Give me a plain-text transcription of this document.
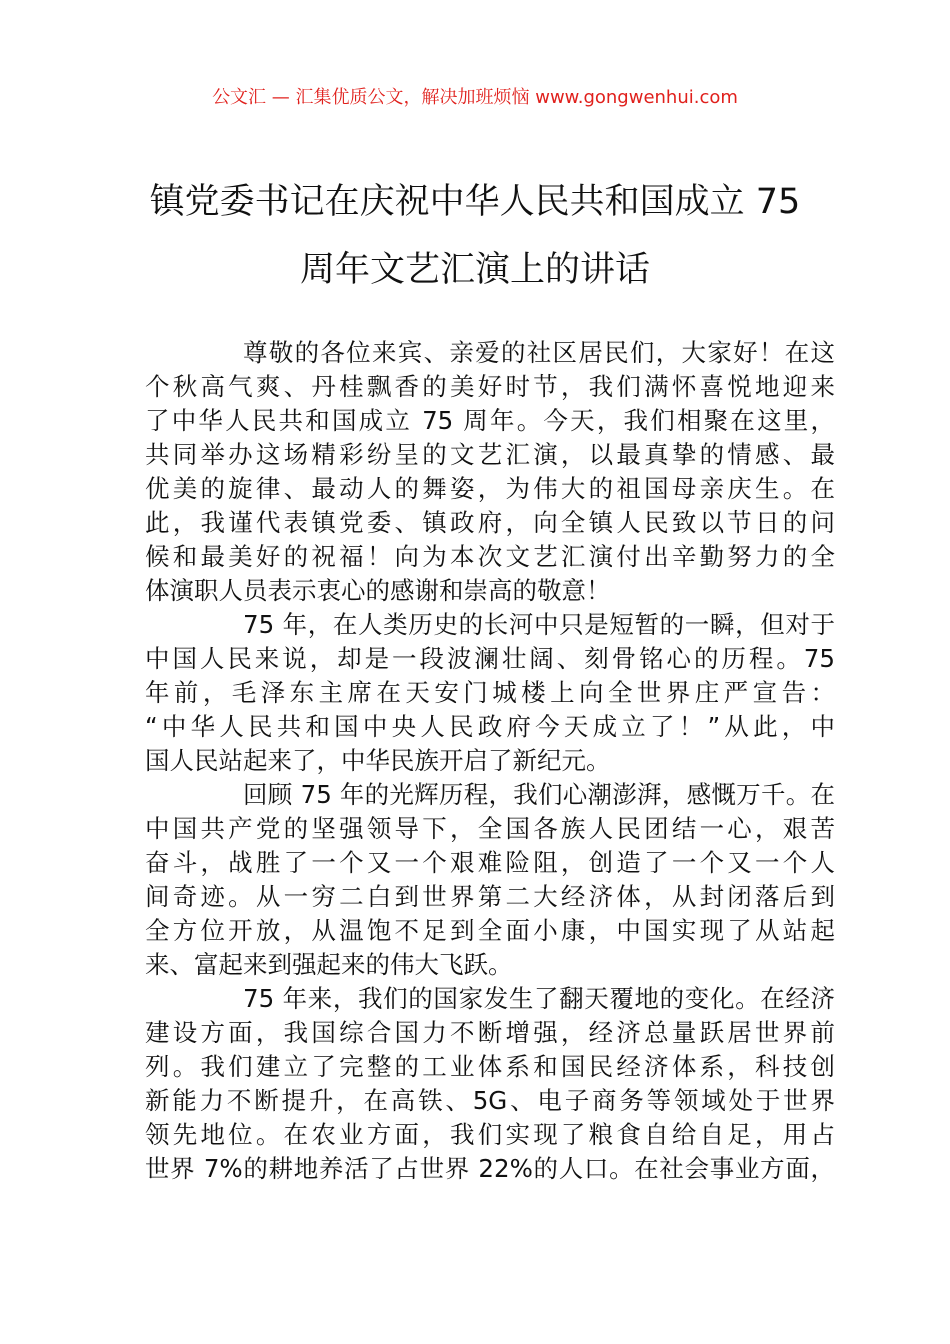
公文汇 — 汇集优质公文，解决加班烦恼 www.gongwenhui.com
镇党委书记在庆祝中华人民共和国成立 75
周年文艺汇演上的讲话
尊敬的各位来宾、亲爱的社区居民们，大家好！在这
个秋高气爽、丹桂飘香的美好时节，我们满怀喜悦地迎来
了中华人民共和国成立 75 周年。今天，我们相聚在这里，
共同举办这场精彩纷呈的文艺汇演，以最真挚的情感、最
优美的旋律、最动人的舞姿，为伟大的祖国母亲庆生。在
此，我谨代表镇党委、镇政府，向全镇人民致以节日的问
候和最美好的祝福！向为本次文艺汇演付出辛勤努力的全
体演职人员表示衷心的感谢和崇高的敬意！
75 年，在人类历史的长河中只是短暂的一瞬，但对于
中国人民来说，却是一段波澜壮阔、刻骨铭心的历程。75
年前，毛泽东主席在天安门城楼上向全世界庄严宣告：
“中华人民共和国中央人民政府今天成立了！”从此，中
国人民站起来了，中华民族开启了新纪元。
回顾 75 年的光辉历程，我们心潮澎湃，感慨万千。在
中国共产党的坚强领导下，全国各族人民团结一心，艰苦
奋斗，战胜了一个又一个艰难险阻，创造了一个又一个人
间奇迹。从一穷二白到世界第二大经济体，从封闭落后到
全方位开放，从温饱不足到全面小康，中国实现了从站起
来、富起来到强起来的伟大飞跃。
75 年来，我们的国家发生了翻天覆地的变化。在经济
建设方面，我国综合国力不断增强，经济总量跃居世界前
列。我们建立了完整的工业体系和国民经济体系，科技创
新能力不断提升，在高铁、5G、电子商务等领域处于世界
领先地位。在农业方面，我们实现了粮食自给自足，用占
世界 7%的耕地养活了占世界 22%的人口。在社会事业方面，
